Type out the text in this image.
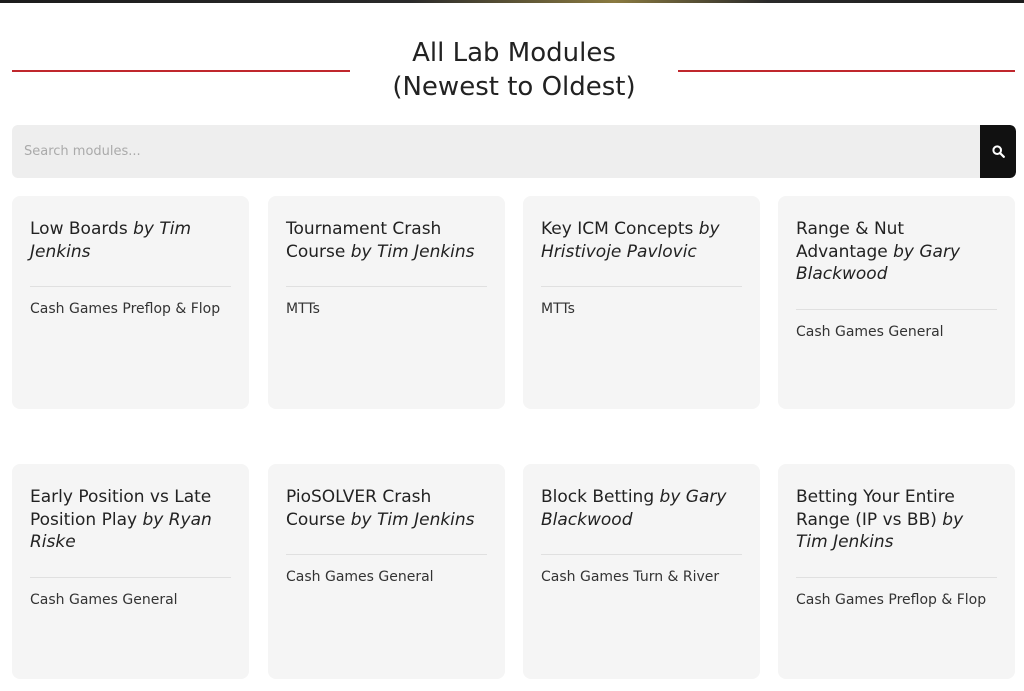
All Lab Modules
(Newest to Oldest)
Search modules...
Low Boards by Tim Jenkins
Cash Games Preflop & Flop
Tournament Crash Course by Tim Jenkins
MTTs
Key ICM Concepts by Hristivoje Pavlovic
MTTs
Range & Nut Advantage by Gary Blackwood
Cash Games General
Early Position vs Late Position Play by Ryan Riske
Cash Games General
PioSOLVER Crash Course by Tim Jenkins
Cash Games General
Block Betting by Gary Blackwood
Cash Games Turn & River
Betting Your Entire Range (IP vs BB) by Tim Jenkins
Cash Games Preflop & Flop
